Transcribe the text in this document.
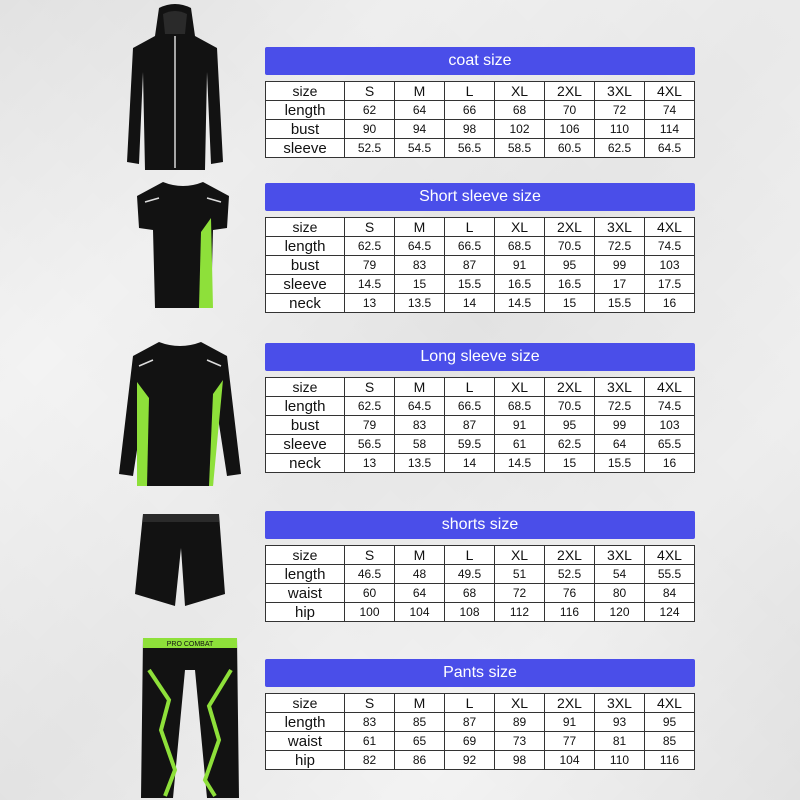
PRO COMBAT
coat size
size	S	M	L	XL	2XL	3XL	4XL
length	62	64	66	68	70	72	74
bust	90	94	98	102	106	110	114
sleeve	52.5	54.5	56.5	58.5	60.5	62.5	64.5
Short sleeve size
size	S	M	L	XL	2XL	3XL	4XL
length	62.5	64.5	66.5	68.5	70.5	72.5	74.5
bust	79	83	87	91	95	99	103
sleeve	14.5	15	15.5	16.5	16.5	17	17.5
neck	13	13.5	14	14.5	15	15.5	16
Long sleeve size
size	S	M	L	XL	2XL	3XL	4XL
length	62.5	64.5	66.5	68.5	70.5	72.5	74.5
bust	79	83	87	91	95	99	103
sleeve	56.5	58	59.5	61	62.5	64	65.5
neck	13	13.5	14	14.5	15	15.5	16
shorts size
size	S	M	L	XL	2XL	3XL	4XL
length	46.5	48	49.5	51	52.5	54	55.5
waist	60	64	68	72	76	80	84
hip	100	104	108	112	116	120	124
Pants size
size	S	M	L	XL	2XL	3XL	4XL
length	83	85	87	89	91	93	95
waist	61	65	69	73	77	81	85
hip	82	86	92	98	104	110	116
